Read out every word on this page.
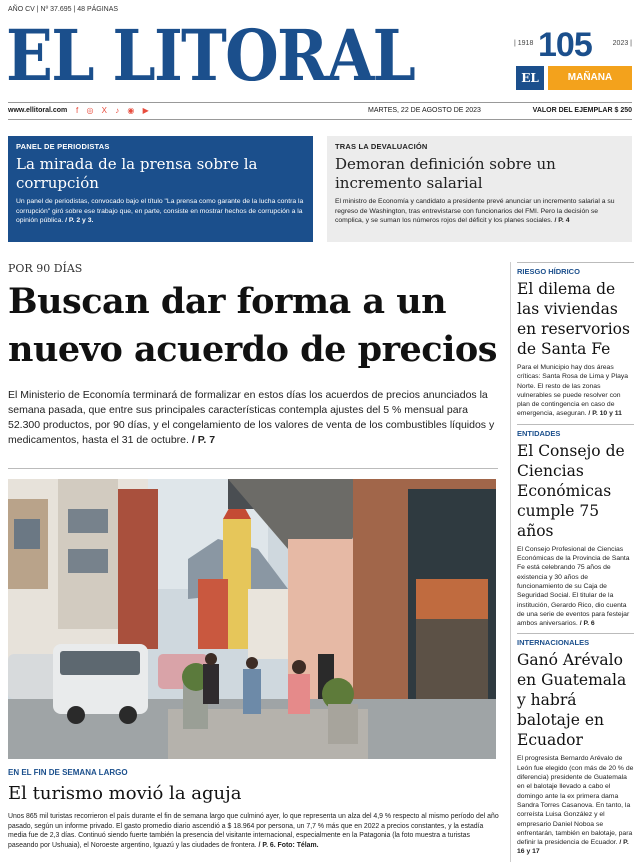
AÑO CV | Nº 37.695 | 48 PÁGINAS
EL LITORAL	| 1918 105	2023 |
EL	MAÑANA
www.ellitoral.com f ◎ X ♪ ◉ ▶	MARTES, 22 DE AGOSTO DE 2023	VALOR DEL EJEMPLAR $ 250
PANEL DE PERIODISTAS
La mirada de la prensa sobre la corrupción
Un panel de periodistas, convocado bajo el título "La prensa como garante de la lucha contra la corrupción" giró sobre ese trabajo que, en parte, consiste en mostrar hechos de corrupción a la opinión pública. / P. 2 y 3.
TRAS LA DEVALUACIÓN
Demoran definición sobre un incremento salarial
El ministro de Economía y candidato a presidente prevé anunciar un incremento salarial a su regreso de Washington, tras entrevistarse con funcionarios del FMI. Pero la decisión se complica, y se suman los números rojos del déficit y los planes sociales. / P. 4
POR 90 DÍAS
Buscan dar forma a un nuevo acuerdo de precios
El Ministerio de Economía terminará de formalizar en estos días los acuerdos de precios anunciados la semana pasada, que entre sus principales características contempla ajustes del 5 % mensual para 52.300 productos, por 90 días, y el congelamiento de los valores de venta de los combustibles líquidos y medicamentos, hasta el 31 de octubre. / P. 7
EN EL FIN DE SEMANA LARGO
El turismo movió la aguja
Unos 865 mil turistas recorrieron el país durante el fin de semana largo que culminó ayer, lo que representa un alza del 4,9 % respecto al mismo período del año pasado, según un informe privado. El gasto promedio diario ascendió a $ 18.964 por persona, un 7,7 % más que en 2022 a precios constantes, y la estadía media fue de 2,3 días. Continuó siendo fuerte también la presencia del visitante internacional, especialmente en la Patagonia (la foto muestra a turistas paseando por Ushuaia), el Noroeste argentino, Iguazú y las ciudades de frontera. / P. 6. Foto: Télam.
RIESGO HÍDRICO
El dilema de las viviendas en reservorios de Santa Fe
Para el Municipio hay dos áreas críticas: Santa Rosa de Lima y Playa Norte. El resto de las zonas vulnerables se puede resolver con plan de contingencia en caso de emergencia, aseguran. / P. 10 y 11
ENTIDADES
El Consejo de Ciencias Económicas cumple 75 años
El Consejo Profesional de Ciencias Económicas de la Provincia de Santa Fe está celebrando 75 años de existencia y 30 años de funcionamiento de su Caja de Seguridad Social. El titular de la institución, Gerardo Rico, dio cuenta de una serie de eventos para festejar ambos aniversarios. / P. 6
INTERNACIONALES
Ganó Arévalo en Guatemala y habrá balotaje en Ecuador
El progresista Bernardo Arévalo de León fue elegido (con más de 20 % de diferencia) presidente de Guatemala en el balotaje llevado a cabo el domingo ante la ex primera dama Sandra Torres Casanova. En tanto, la correísta Luisa González y el empresario Daniel Noboa se enfrentarán, también en balotaje, para definir la presidencia de Ecuador. / P. 16 y 17
